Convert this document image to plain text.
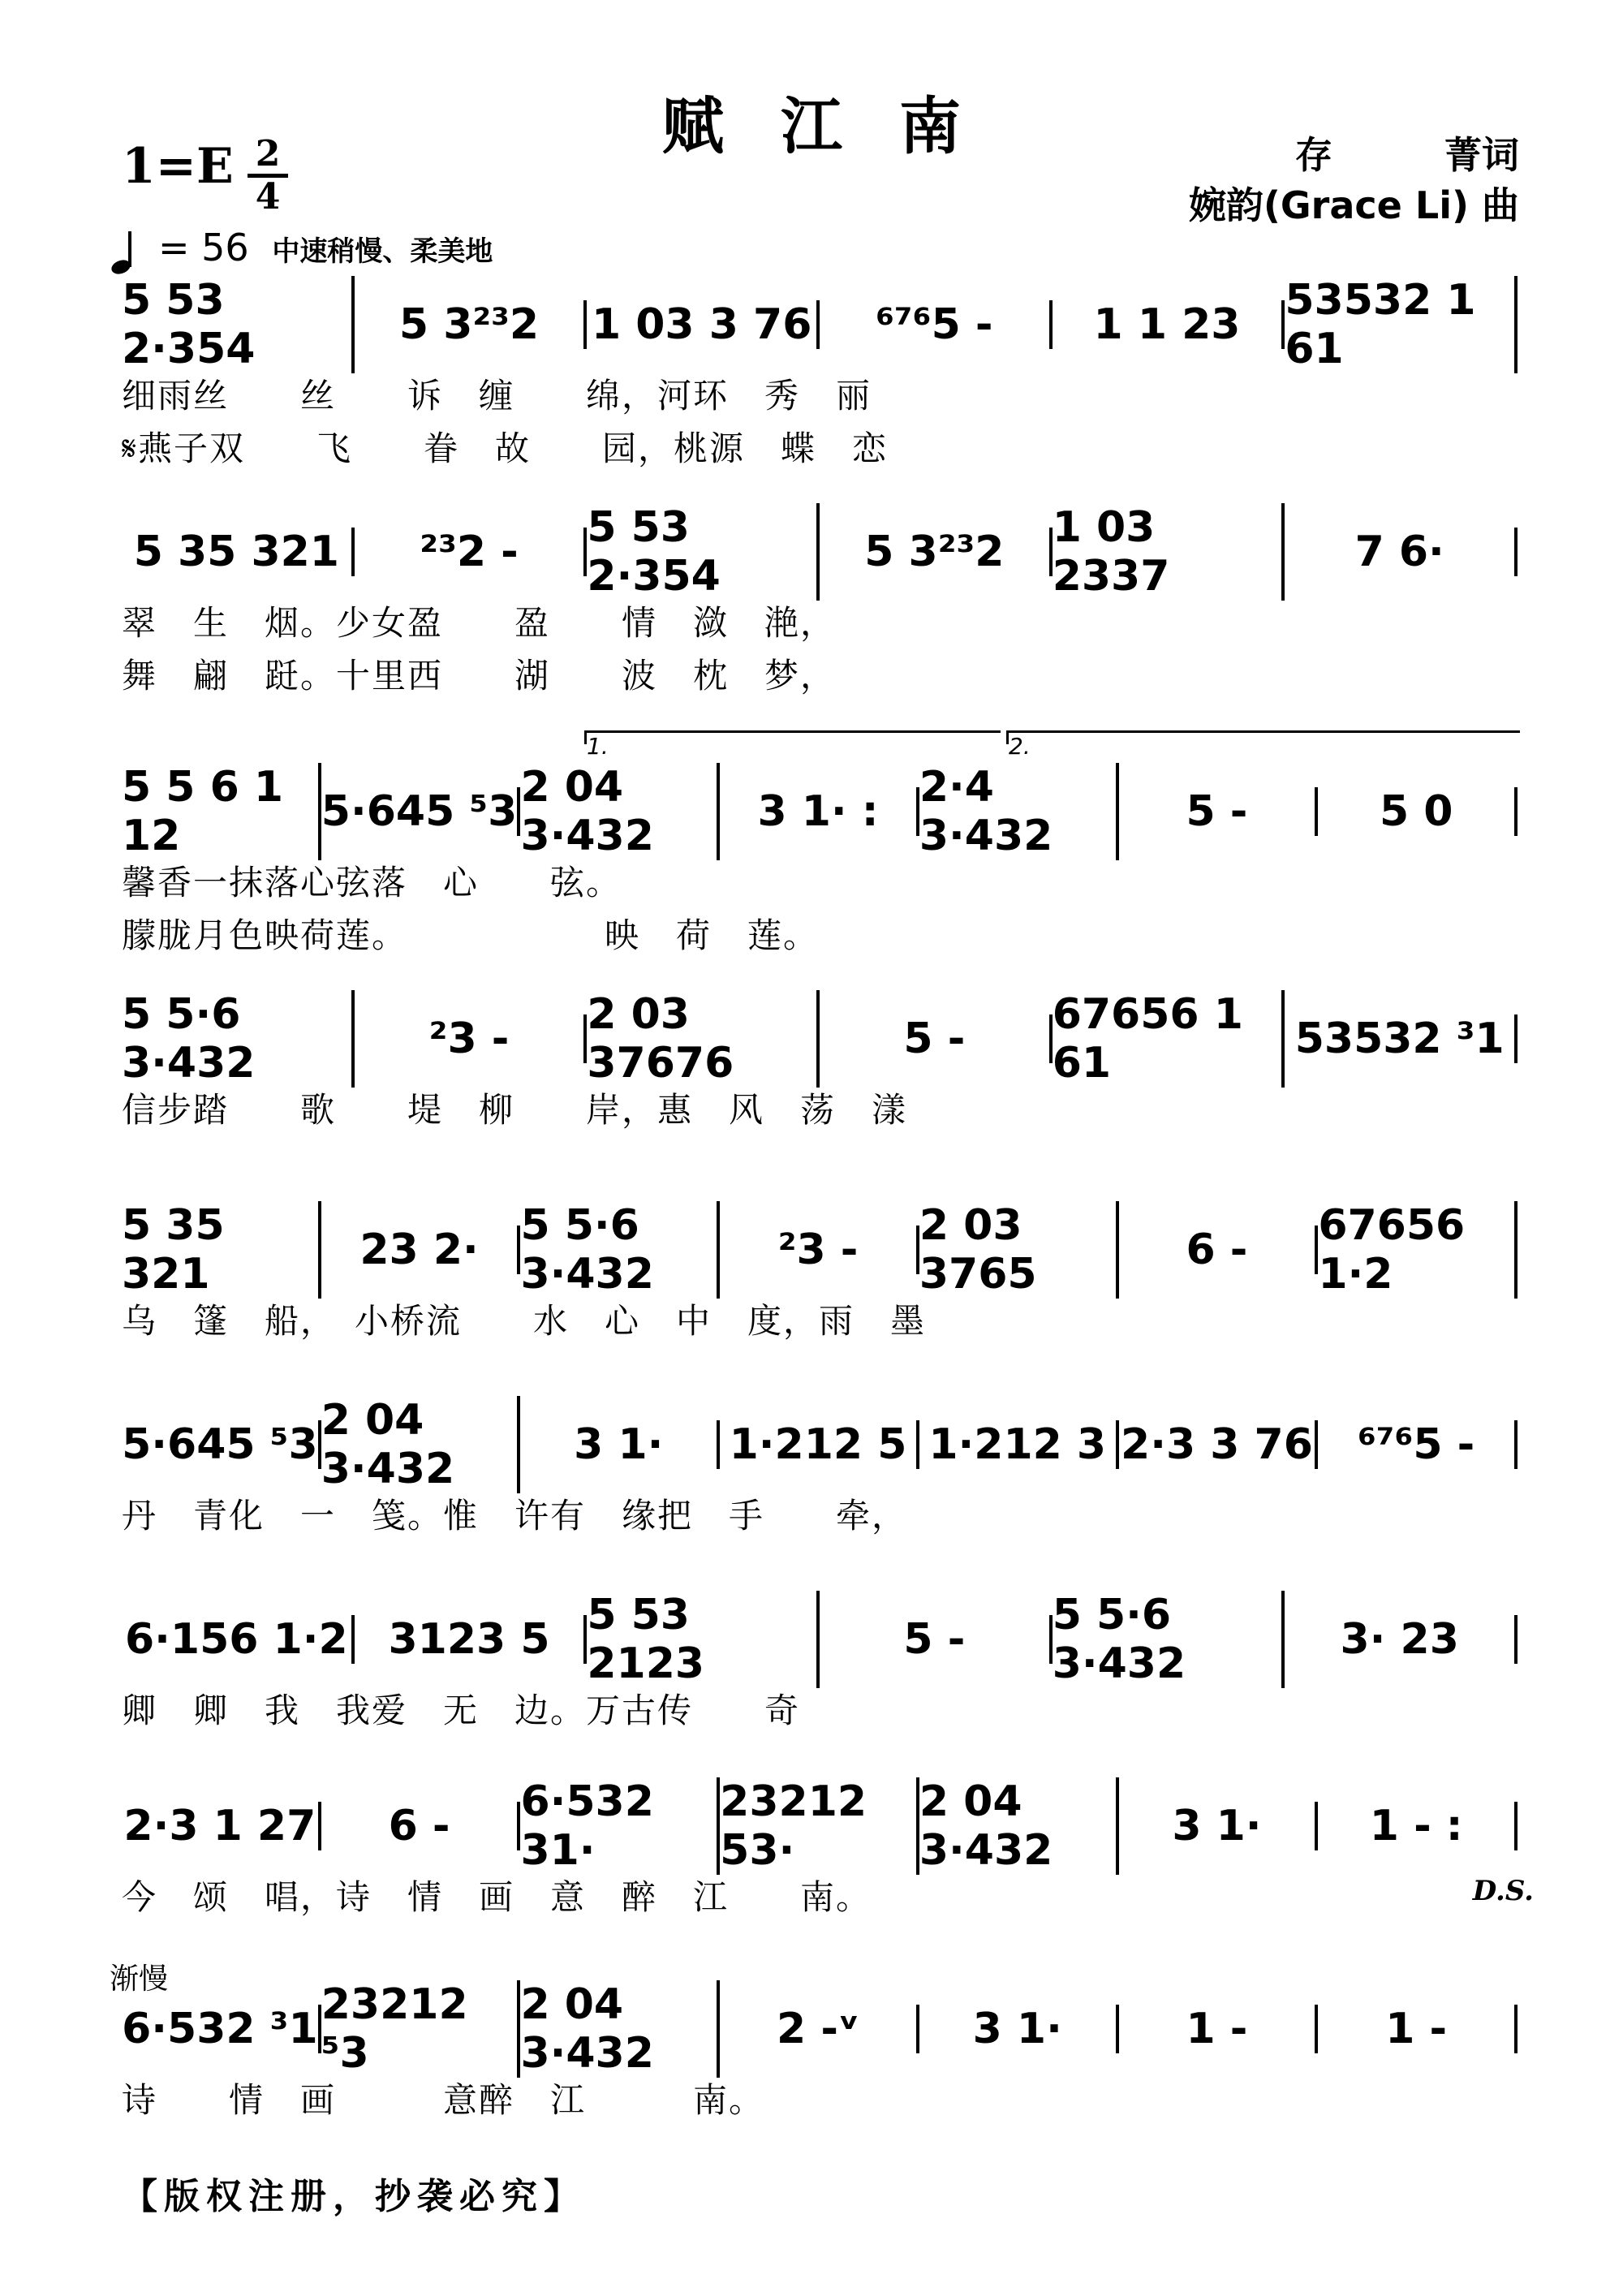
赋江南
1=E 2
4
存　　　菁词
婉韵(Grace Li) 曲
= 56 中速稍慢、柔美地
5 53 2·354	5 3²³2	1 03 3 76	⁶⁷⁶5 -	1 1 23	53532 1 61
细雨丝　　丝　　诉　缠　　绵，河环　秀　丽
𝄋燕子双　　飞　　眷　故　　园，桃源　蝶　恋
5 35 321	²³2 -	5 53 2·354	5 3²³2	1 03 2337	7 6·
翠　生　烟。少女盈　　盈　　情　潋　滟，
舞　翩　跹。十里西　　湖　　波　枕　梦，
5 5 6 1 12	5·645 ⁵3 2 04 3·432	3 1· : 2·4 3·432	5 -	5 0
1.	2.
馨香一抹落心弦落　心　　弦。
朦胧月色映荷莲。　　　　　　映　荷　莲。
5 5·6 3·432	²3 -	2 03 37676	5 -	67656 1 61	53532 ³1
信步踏　　歌　　堤　柳　　岸，惠　风　荡　漾
5 35 321	23 2· 5 5·6 3·432	²3 -	2 03 3765	6 -	67656 1·2
乌　篷　船，　小桥流　　水　心　中　度，雨　墨
5·645 ⁵3 2 04 3·432	3 1·	1·212 5 1·212 3 2·3 3 76	⁶⁷⁶5 -
丹　青化　一　笺。惟　许有　缘把　手　　牵，
6·156 1·2 3123 5 5 53 2123	5 -	5 5·6 3·432	3· 23
卿　卿　我　我爱　无　边。万古传　　奇
2·3 1 27	6 -	6·532 31·
23212 53·
2 04 3·432	3 1·	1 - :
今　颂　唱，诗　情　画　意　醉　江　　南。	D.S.
6·532 ³1 23212 ⁵3
2 04 3·432	2 -ᵛ	3 1·	1 -	1 -
诗　　情　画　　　意醉　江　　　南。
渐慢
【版权注册，抄袭必究】
